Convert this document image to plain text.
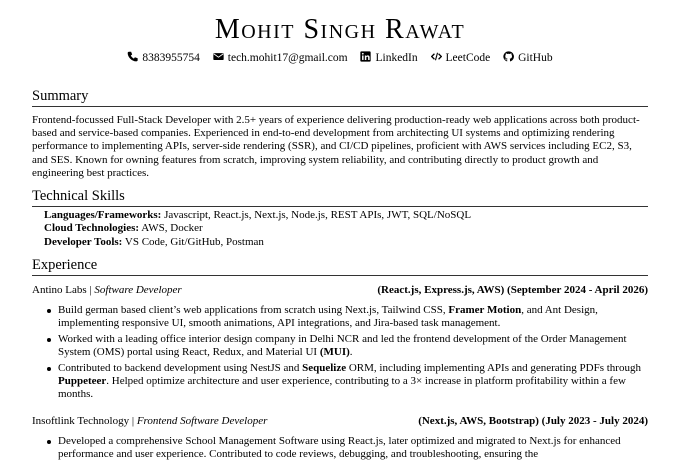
Mohit Singh Rawat
8383955754 tech.mohit17@gmail.com LinkedIn LeetCode GitHub
Summary
Frontend-focussed Full-Stack Developer with 2.5+ years of experience delivering production-ready web applications across both product-based and service-based companies. Experienced in end-to-end development from architecting UI systems and optimizing rendering performance to implementing APIs, server-side rendering (SSR), and CI/CD pipelines, proficient with AWS services including EC2, S3, and SES. Known for owning features from scratch, improving system reliability, and contributing directly to product growth and engineering best practices.
Technical Skills
Languages/Frameworks: Javascript, React.js, Next.js, Node.js, REST APIs, JWT, SQL/NoSQL
Cloud Technologies: AWS, Docker
Developer Tools: VS Code, Git/GitHub, Postman
Experience
Antino Labs | Software Developer	(React.js, Express.js, AWS) (September 2024 - April 2026)
Build german based client’s web applications from scratch using Next.js, Tailwind CSS, Framer Motion, and Ant Design, implementing responsive UI, smooth animations, API integrations, and Jira-based task management.
Worked with a leading office interior design company in Delhi NCR and led the frontend development of the Order Management System (OMS) portal using React, Redux, and Material UI (MUI).
Contributed to backend development using NestJS and Sequelize ORM, including implementing APIs and generating PDFs through Puppeteer. Helped optimize architecture and user experience, contributing to a 3× increase in platform profitability within a few months.
Insoftlink Technology | Frontend Software Developer	(Next.js, AWS, Bootstrap) (July 2023 - July 2024)
Developed a comprehensive School Management Software using React.js, later optimized and migrated to Next.js for enhanced performance and user experience. Contributed to code reviews, debugging, and troubleshooting, ensuring the
